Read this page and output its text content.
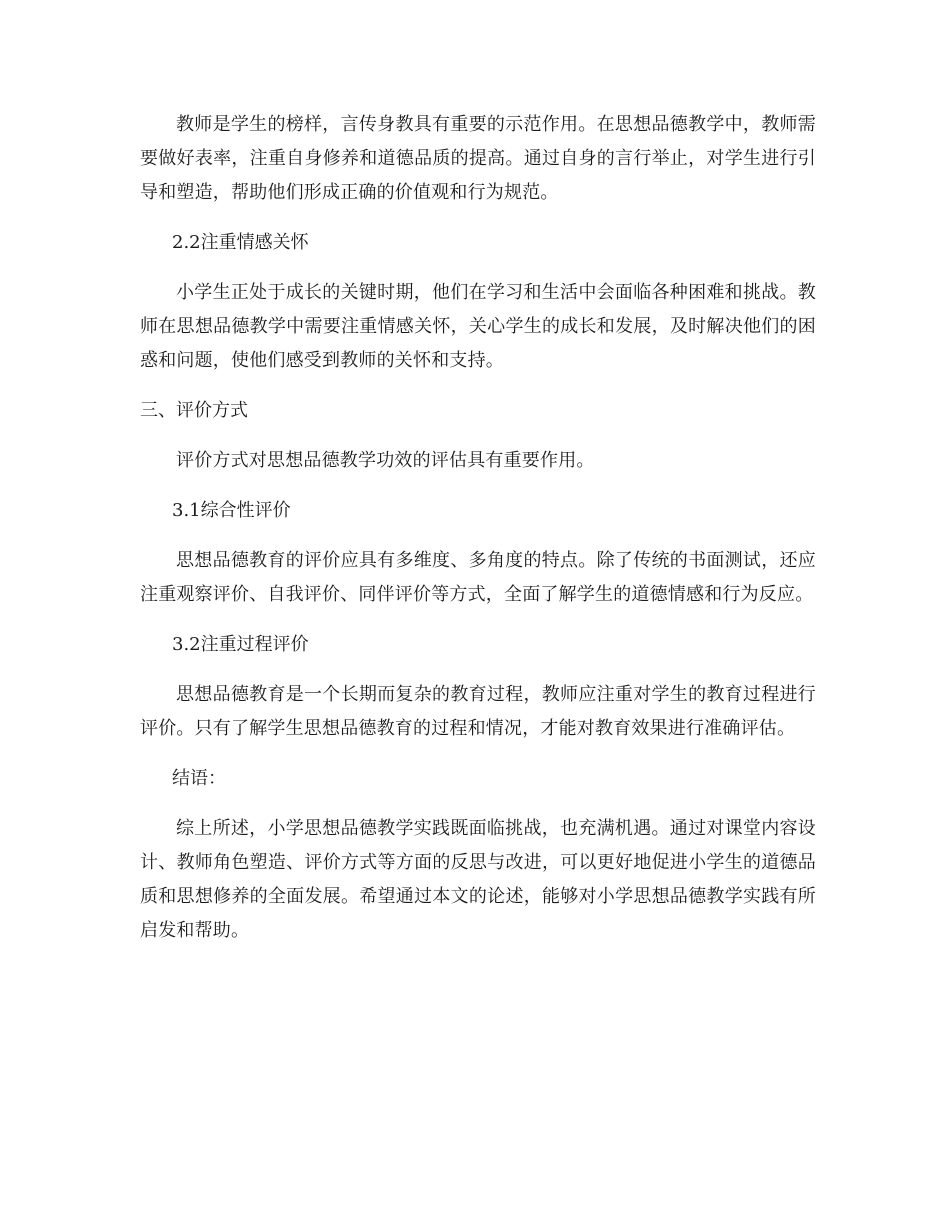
教师是学生的榜样，言传身教具有重要的示范作用。在思想品德教学中，教师需要做好表率，注重自身修养和道德品质的提高。通过自身的言行举止，对学生进行引导和塑造，帮助他们形成正确的价值观和行为规范。

2.2注重情感关怀

小学生正处于成长的关键时期，他们在学习和生活中会面临各种困难和挑战。教师在思想品德教学中需要注重情感关怀，关心学生的成长和发展，及时解决他们的困惑和问题，使他们感受到教师的关怀和支持。

三、评价方式

评价方式对思想品德教学功效的评估具有重要作用。

3.1综合性评价

思想品德教育的评价应具有多维度、多角度的特点。除了传统的书面测试，还应注重观察评价、自我评价、同伴评价等方式，全面了解学生的道德情感和行为反应。

3.2注重过程评价

思想品德教育是一个长期而复杂的教育过程，教师应注重对学生的教育过程进行评价。只有了解学生思想品德教育的过程和情况，才能对教育效果进行准确评估。

结语：

综上所述，小学思想品德教学实践既面临挑战，也充满机遇。通过对课堂内容设计、教师角色塑造、评价方式等方面的反思与改进，可以更好地促进小学生的道德品质和思想修养的全面发展。希望通过本文的论述，能够对小学思想品德教学实践有所启发和帮助。
